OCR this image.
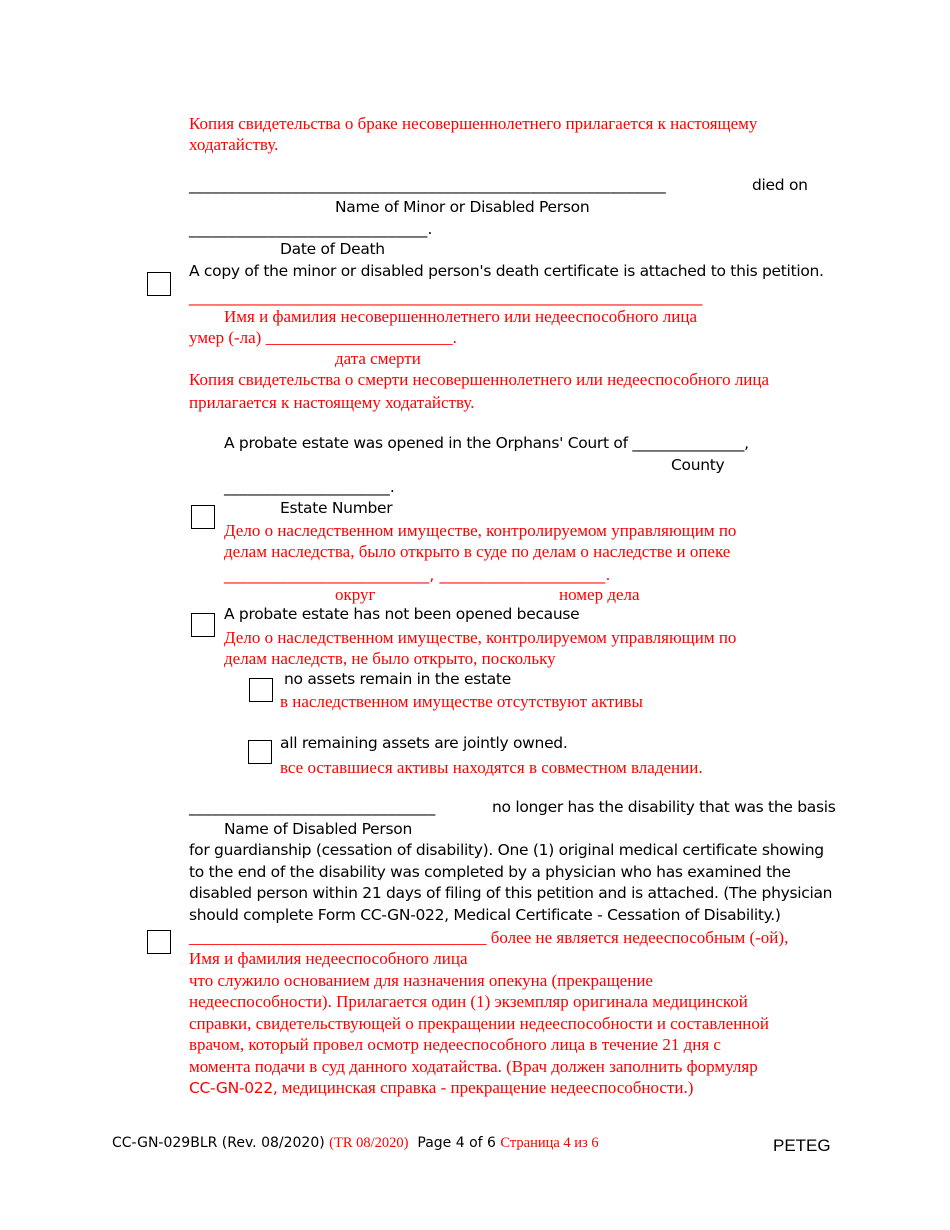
Копия свидетельства о браке несовершеннолетнего прилагается к настоящему
ходатайству.
____________________________________________________________	died on
Name of Minor or Disabled Person
______________________________.
Date of Death
A copy of the minor or disabled person's death certificate is attached to this petition.
_________________________________________________________________
Имя и фамилия несовершеннолетнего или недееспособного лица
умер (-ла) ______________________.
дата смерти
Копия свидетельства о смерти несовершеннолетнего или недееспособного лица
прилагается к настоящему ходатайству.
A probate estate was opened in the Orphans' Court of _______________,
County
_____________________.
Estate Number
Дело о наследственном имуществе, контролируемом управляющим по
делам наследства, было открыто в суде по делам о наследстве и опеке
__________________________, _____________________.
округ	номер дела
A probate estate has not been opened because
Дело о наследственном имуществе, контролируемом управляющим по
делам наследств, не было открыто, поскольку
no assets remain in the estate
в наследственном имуществе отсутствуют активы
all remaining assets are jointly owned.
все оставшиеся активы находятся в совместном владении.
_______________________________	no longer has the disability that was the basis
Name of Disabled Person
for guardianship (cessation of disability). One (1) original medical certificate showing
to the end of the disability was completed by a physician who has examined the
disabled person within 21 days of filing of this petition and is attached. (The physician
should complete Form CC-GN-022, Medical Certificate - Cessation of Disability.)
___________________________________ более не является недееспособным (-ой),
Имя и фамилия недееспособного лица
что служило основанием для назначения опекуна (прекращение
недееспособности). Прилагается один (1) экземпляр оригинала медицинской
справки, свидетельствующей о прекращении недееспособности и составленной
врачом, который провел осмотр недееспособного лица в течение 21 дня с
момента подачи в суд данного ходатайства. (Врач должен заполнить формуляр
CC-GN-022, медицинская справка - прекращение недееспособности.)
CC-GN-029BLR (Rev. 08/2020) (TR 08/2020) Page 4 of 6 Страница 4 из 6	PETEG
